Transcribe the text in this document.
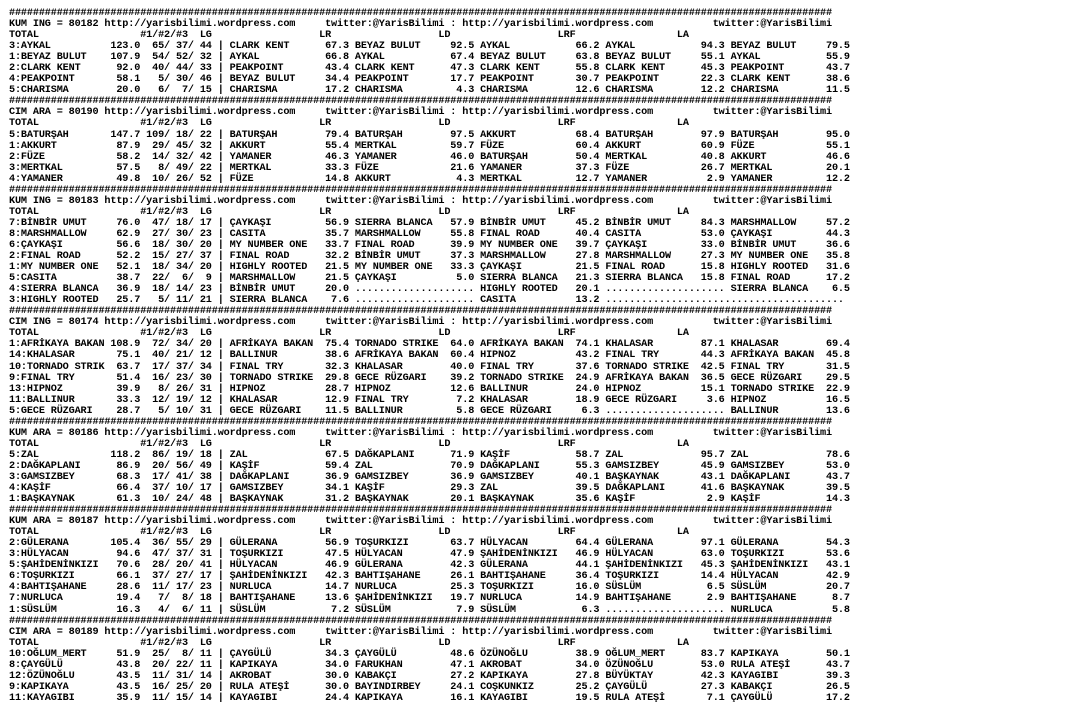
##########################################################################################################################################
KUM ING = 80182 http://yarisbilimi.wordpress.com     twitter:@YarisBilimi : http://yarisbilimi.wordpress.com          twitter:@YarisBilimi
TOTAL                 #1/#2/#3  LG                  LR                  LD                  LRF                 LA
3:AYKAL          123.0  65/ 37/ 44 | CLARK KENT      67.3 BEYAZ BULUT     92.5 AYKAL           66.2 AYKAL           94.3 BEYAZ BULUT     79.5
1:BEYAZ BULUT    107.9  54/ 52/ 32 | AYKAL           66.8 AYKAL           67.4 BEYAZ BULUT     63.8 BEYAZ BULUT     55.1 AYKAL           55.9
2:CLARK KENT      92.0  40/ 44/ 33 | PEAKPOINT       43.4 CLARK KENT      47.3 CLARK KENT      55.8 CLARK KENT      45.3 PEAKPOINT       43.7
4:PEAKPOINT       58.1   5/ 30/ 46 | BEYAZ BULUT     34.4 PEAKPOINT       17.7 PEAKPOINT       30.7 PEAKPOINT       22.3 CLARK KENT      38.6
5:CHARISMA        20.0   6/  7/ 15 | CHARISMA        17.2 CHARISMA         4.3 CHARISMA        12.6 CHARISMA        12.2 CHARISMA        11.5
##########################################################################################################################################
CIM ARA = 80190 http://yarisbilimi.wordpress.com     twitter:@YarisBilimi : http://yarisbilimi.wordpress.com          twitter:@YarisBilimi
TOTAL                 #1/#2/#3  LG                  LR                  LD                  LRF                 LA
5:BATURŞAH       147.7 109/ 18/ 22 | BATURŞAH        79.4 BATURŞAH        97.5 AKKURT          68.4 BATURŞAH        97.9 BATURŞAH        95.0
1:AKKURT          87.9  29/ 45/ 32 | AKKURT          55.4 MERTKAL         59.7 FÜZE            60.4 AKKURT          60.9 FÜZE            55.1
2:FÜZE            58.2  14/ 32/ 42 | YAMANER         46.3 YAMANER         46.0 BATURŞAH        50.4 MERTKAL         40.8 AKKURT          46.6
3:MERTKAL         57.5   8/ 49/ 22 | MERTKAL         33.3 FÜZE            21.6 YAMANER         37.3 FÜZE            26.7 MERTKAL         20.1
4:YAMANER         49.8  10/ 26/ 52 | FÜZE            14.8 AKKURT           4.3 MERTKAL         12.7 YAMANER          2.9 YAMANER         12.2
##########################################################################################################################################
KUM ING = 80183 http://yarisbilimi.wordpress.com     twitter:@YarisBilimi : http://yarisbilimi.wordpress.com          twitter:@YarisBilimi
TOTAL                 #1/#2/#3  LG                  LR                  LD                  LRF                 LA
7:BİNBİR UMUT     76.0  47/ 18/ 17 | ÇAYKAŞI         56.9 SIERRA BLANCA   57.9 BİNBİR UMUT     45.2 BİNBİR UMUT     84.3 MARSHMALLOW     57.2
8:MARSHMALLOW     62.9  27/ 30/ 23 | CASITA          35.7 MARSHMALLOW     55.8 FINAL ROAD      40.4 CASITA          53.0 ÇAYKAŞI         44.3
6:ÇAYKAŞI         56.6  18/ 30/ 20 | MY NUMBER ONE   33.7 FINAL ROAD      39.9 MY NUMBER ONE   39.7 ÇAYKAŞI         33.0 BİNBİR UMUT     36.6
2:FINAL ROAD      52.2  15/ 27/ 37 | FINAL ROAD      32.2 BİNBİR UMUT     37.3 MARSHMALLOW     27.8 MARSHMALLOW     27.3 MY NUMBER ONE   35.8
1:MY NUMBER ONE   52.1  18/ 34/ 20 | HIGHLY ROOTED   21.5 MY NUMBER ONE   33.3 ÇAYKAŞI         21.5 FINAL ROAD      15.8 HIGHLY ROOTED   31.6
5:CASITA          38.7  22/  6/  9 | MARSHMALLOW     21.5 ÇAYKAŞI          5.0 SIERRA BLANCA   21.3 SIERRA BLANCA   15.8 FINAL ROAD      17.2
4:SIERRA BLANCA   36.9  18/ 14/ 23 | BİNBİR UMUT     20.0 .................... HIGHLY ROOTED   20.1 .................... SIERRA BLANCA    6.5
3:HIGHLY ROOTED   25.7   5/ 11/ 21 | SIERRA BLANCA    7.6 .................... CASITA          13.2 ........................................
##########################################################################################################################################
CIM ING = 80174 http://yarisbilimi.wordpress.com     twitter:@YarisBilimi : http://yarisbilimi.wordpress.com          twitter:@YarisBilimi
TOTAL                 #1/#2/#3  LG                  LR                  LD                  LRF                 LA
1:AFRİKAYA BAKAN 108.9  72/ 34/ 20 | AFRİKAYA BAKAN  75.4 TORNADO STRIKE  64.0 AFRİKAYA BAKAN  74.1 KHALASAR        87.1 KHALASAR        69.4
14:KHALASAR       75.1  40/ 21/ 12 | BALLINUR        38.6 AFRİKAYA BAKAN  60.4 HIPNOZ          43.2 FINAL TRY       44.3 AFRİKAYA BAKAN  45.8
10:TORNADO STRIK  63.7  17/ 37/ 34 | FINAL TRY       32.3 KHALASAR        40.0 FINAL TRY       37.6 TORNADO STRIKE  42.5 FINAL TRY       31.5
9:FINAL TRY       51.4  16/ 23/ 30 | TORNADO STRIKE  29.8 GECE RÜZGARI    39.2 TORNADO STRIKE  24.9 AFRİKAYA BAKAN  36.5 GECE RÜZGARI    29.5
13:HIPNOZ         39.9   8/ 26/ 31 | HIPNOZ          28.7 HIPNOZ          12.6 BALLINUR        24.0 HIPNOZ          15.1 TORNADO STRIKE  22.9
11:BALLINUR       33.3  12/ 19/ 12 | KHALASAR        12.9 FINAL TRY        7.2 KHALASAR        18.9 GECE RÜZGARI     3.6 HIPNOZ          16.5
5:GECE RÜZGARI    28.7   5/ 10/ 31 | GECE RÜZGARI    11.5 BALLINUR         5.8 GECE RÜZGARI     6.3 .................... BALLINUR        13.6
##########################################################################################################################################
KUM ARA = 80186 http://yarisbilimi.wordpress.com     twitter:@YarisBilimi : http://yarisbilimi.wordpress.com          twitter:@YarisBilimi
TOTAL                 #1/#2/#3  LG                  LR                  LD                  LRF                 LA
5:ZAL            118.2  86/ 19/ 18 | ZAL             67.5 DAĞKAPLANI      71.9 KAŞİF           58.7 ZAL             95.7 ZAL             78.6
2:DAĞKAPLANI      86.9  20/ 56/ 49 | KAŞİF           59.4 ZAL             70.9 DAĞKAPLANI      55.3 GAMSIZBEY       45.9 GAMSIZBEY       53.0
3:GAMSIZBEY       68.3  17/ 41/ 38 | DAĞKAPLANI      36.9 GAMSIZBEY       36.9 GAMSIZBEY       40.1 BAŞKAYNAK       43.1 DAĞKAPLANI      43.7
4:KAŞİF           66.4  37/ 10/ 17 | GAMSIZBEY       34.1 KAŞİF           29.3 ZAL             39.5 DAĞKAPLANI      41.6 BAŞKAYNAK       39.5
1:BAŞKAYNAK       61.3  10/ 24/ 48 | BAŞKAYNAK       31.2 BAŞKAYNAK       20.1 BAŞKAYNAK       35.6 KAŞİF            2.9 KAŞİF           14.3
##########################################################################################################################################
KUM ARA = 80187 http://yarisbilimi.wordpress.com     twitter:@YarisBilimi : http://yarisbilimi.wordpress.com          twitter:@YarisBilimi
TOTAL                 #1/#2/#3  LG                  LR                  LD                  LRF                 LA
2:GÜLERANA       105.4  36/ 55/ 29 | GÜLERANA        56.9 TOŞURKIZI       63.7 HÜLYACAN        64.4 GÜLERANA        97.1 GÜLERANA        54.3
3:HÜLYACAN        94.6  47/ 37/ 31 | TOŞURKIZI       47.5 HÜLYACAN        47.9 ŞAHİDENİNKIZI   46.9 HÜLYACAN        63.0 TOŞURKIZI       53.6
5:ŞAHİDENİNKIZI   70.6  28/ 20/ 41 | HÜLYACAN        46.9 GÜLERANA        42.3 GÜLERANA        44.1 ŞAHİDENİNKIZI   45.3 ŞAHİDENİNKIZI   43.1
6:TOŞURKIZI       66.1  37/ 27/ 17 | ŞAHİDENİNKIZI   42.3 BAHTIŞAHANE     26.1 BAHTIŞAHANE     36.4 TOŞURKIZI       14.4 HÜLYACAN        42.9
4:BAHTIŞAHANE     28.6  11/ 17/ 23 | NURLUCA         14.7 NURLUCA         25.3 TOŞURKIZI       16.0 SÜSLÜM           6.5 SÜSLÜM          20.7
7:NURLUCA         19.4   7/  8/ 18 | BAHTIŞAHANE     13.6 ŞAHİDENİNKIZI   19.7 NURLUCA         14.9 BAHTIŞAHANE      2.9 BAHTIŞAHANE      8.7
1:SÜSLÜM          16.3   4/  6/ 11 | SÜSLÜM           7.2 SÜSLÜM           7.9 SÜSLÜM           6.3 .................... NURLUCA          5.8
##########################################################################################################################################
CIM ARA = 80189 http://yarisbilimi.wordpress.com     twitter:@YarisBilimi : http://yarisbilimi.wordpress.com          twitter:@YarisBilimi
TOTAL                 #1/#2/#3  LG                  LR                  LD                  LRF                 LA
10:OĞLUM_MERT     51.9  25/  8/ 11 | ÇAYGÜLÜ         34.3 ÇAYGÜLÜ         48.6 ÖZÜNOĞLU        38.9 OĞLUM_MERT      83.7 KAPIKAYA        50.1
8:ÇAYGÜLÜ         43.8  20/ 22/ 11 | KAPIKAYA        34.0 FARUKHAN        47.1 AKROBAT         34.0 ÖZÜNOĞLU        53.0 RULA ATEŞİ      43.7
12:ÖZÜNOĞLU       43.5  11/ 31/ 14 | AKROBAT         30.0 KABAKÇI         27.2 KAPIKAYA        27.8 BÜYÜKTAY        42.3 KAYAGIBI        39.3
9:KAPIKAYA        43.5  16/ 25/ 20 | RULA ATEŞİ      30.0 BAYINDIRBEY     24.1 COŞKUNKIZ       25.2 ÇAYGÜLÜ         27.3 KABAKÇI         26.5
11:KAYAGIBI       35.9  11/ 15/ 14 | KAYAGIBI        24.4 KAPIKAYA        16.1 KAYAGIBI        19.5 RULA ATEŞİ       7.1 ÇAYGÜLÜ         17.2
